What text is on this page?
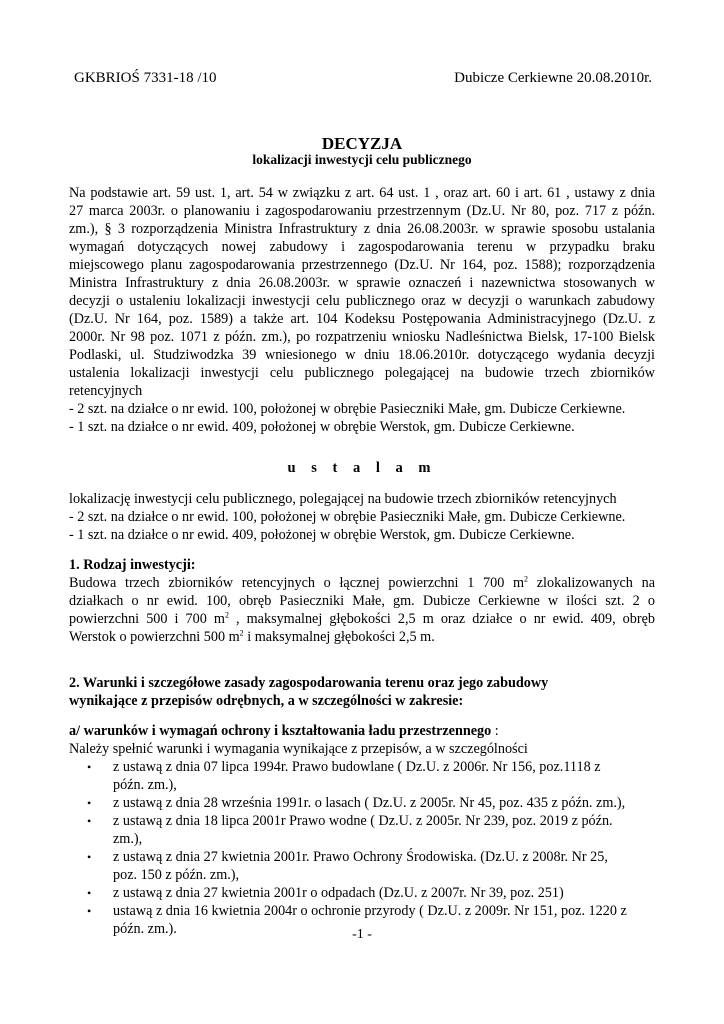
GKBRIOŚ 7331-18 /10	Dubicze Cerkiewne 20.08.2010r.
DECYZJA
lokalizacji inwestycji celu publicznego
Na podstawie art. 59 ust. 1, art. 54 w związku z art. 64 ust. 1 , oraz art. 60 i art. 61 , ustawy z dnia
27 marca 2003r. o planowaniu i zagospodarowaniu przestrzennym (Dz.U. Nr 80, poz. 717 z późn.
zm.), § 3 rozporządzenia Ministra Infrastruktury z dnia 26.08.2003r. w sprawie sposobu ustalania
wymagań dotyczących nowej zabudowy i zagospodarowania terenu w przypadku braku
miejscowego planu zagospodarowania przestrzennego (Dz.U. Nr 164, poz. 1588); rozporządzenia
Ministra Infrastruktury z dnia 26.08.2003r. w sprawie oznaczeń i nazewnictwa stosowanych w
decyzji o ustaleniu lokalizacji inwestycji celu publicznego oraz w decyzji o warunkach zabudowy
(Dz.U. Nr 164, poz. 1589) a także art. 104 Kodeksu Postępowania Administracyjnego (Dz.U. z
2000r. Nr 98 poz. 1071 z późn. zm.), po rozpatrzeniu wniosku Nadleśnictwa Bielsk, 17-100 Bielsk
Podlaski, ul. Studziwodzka 39 wniesionego w dniu 18.06.2010r. dotyczącego wydania decyzji
ustalenia lokalizacji inwestycji celu publicznego polegającej na budowie trzech zbiorników
retencyjnych
- 2 szt. na działce o nr ewid. 100, położonej w obrębie Pasieczniki Małe, gm. Dubicze Cerkiewne.
- 1 szt. na działce o nr ewid. 409, położonej w obrębie Werstok, gm. Dubicze Cerkiewne.
u s t a l a m
lokalizację inwestycji celu publicznego, polegającej na budowie trzech zbiorników retencyjnych
- 2 szt. na działce o nr ewid. 100, położonej w obrębie Pasieczniki Małe, gm. Dubicze Cerkiewne.
- 1 szt. na działce o nr ewid. 409, położonej w obrębie Werstok, gm. Dubicze Cerkiewne.
1. Rodzaj inwestycji:
Budowa trzech zbiorników retencyjnych o łącznej powierzchni 1 700 $m^2$ zlokalizowanych na
działkach o nr ewid. 100, obręb Pasieczniki Małe, gm. Dubicze Cerkiewne w ilości szt. 2 o
powierzchni 500 i 700 $m^2$ , maksymalnej głębokości 2,5 m oraz działce o nr ewid. 409, obręb
Werstok o powierzchni 500 $m^2$ i maksymalnej głębokości 2,5 m.
2. Warunki i szczegółowe zasady zagospodarowania terenu oraz jego zabudowy
wynikające z przepisów odrębnych, a w szczególności w zakresie:
a/ warunków i wymagań ochrony i kształtowania ładu przestrzennego :
Należy spełnić warunki i wymagania wynikające z przepisów, a w szczególności
• z ustawą z dnia 07 lipca 1994r. Prawo budowlane ( Dz.U. z 2006r. Nr 156, poz.1118 z
późn. zm.),
• z ustawą z dnia 28 września 1991r. o lasach ( Dz.U. z 2005r. Nr 45, poz. 435 z późn. zm.),
• z ustawą z dnia 18 lipca 2001r Prawo wodne ( Dz.U. z 2005r. Nr 239, poz. 2019 z późn.
zm.),
• z ustawą z dnia 27 kwietnia 2001r. Prawo Ochrony Środowiska. (Dz.U. z 2008r. Nr 25,
poz. 150 z późn. zm.),
• z ustawą z dnia 27 kwietnia 2001r o odpadach (Dz.U. z 2007r. Nr 39, poz. 251)
• ustawą z dnia 16 kwietnia 2004r o ochronie przyrody ( Dz.U. z 2009r. Nr 151, poz. 1220 z
późn. zm.).	-1 -
